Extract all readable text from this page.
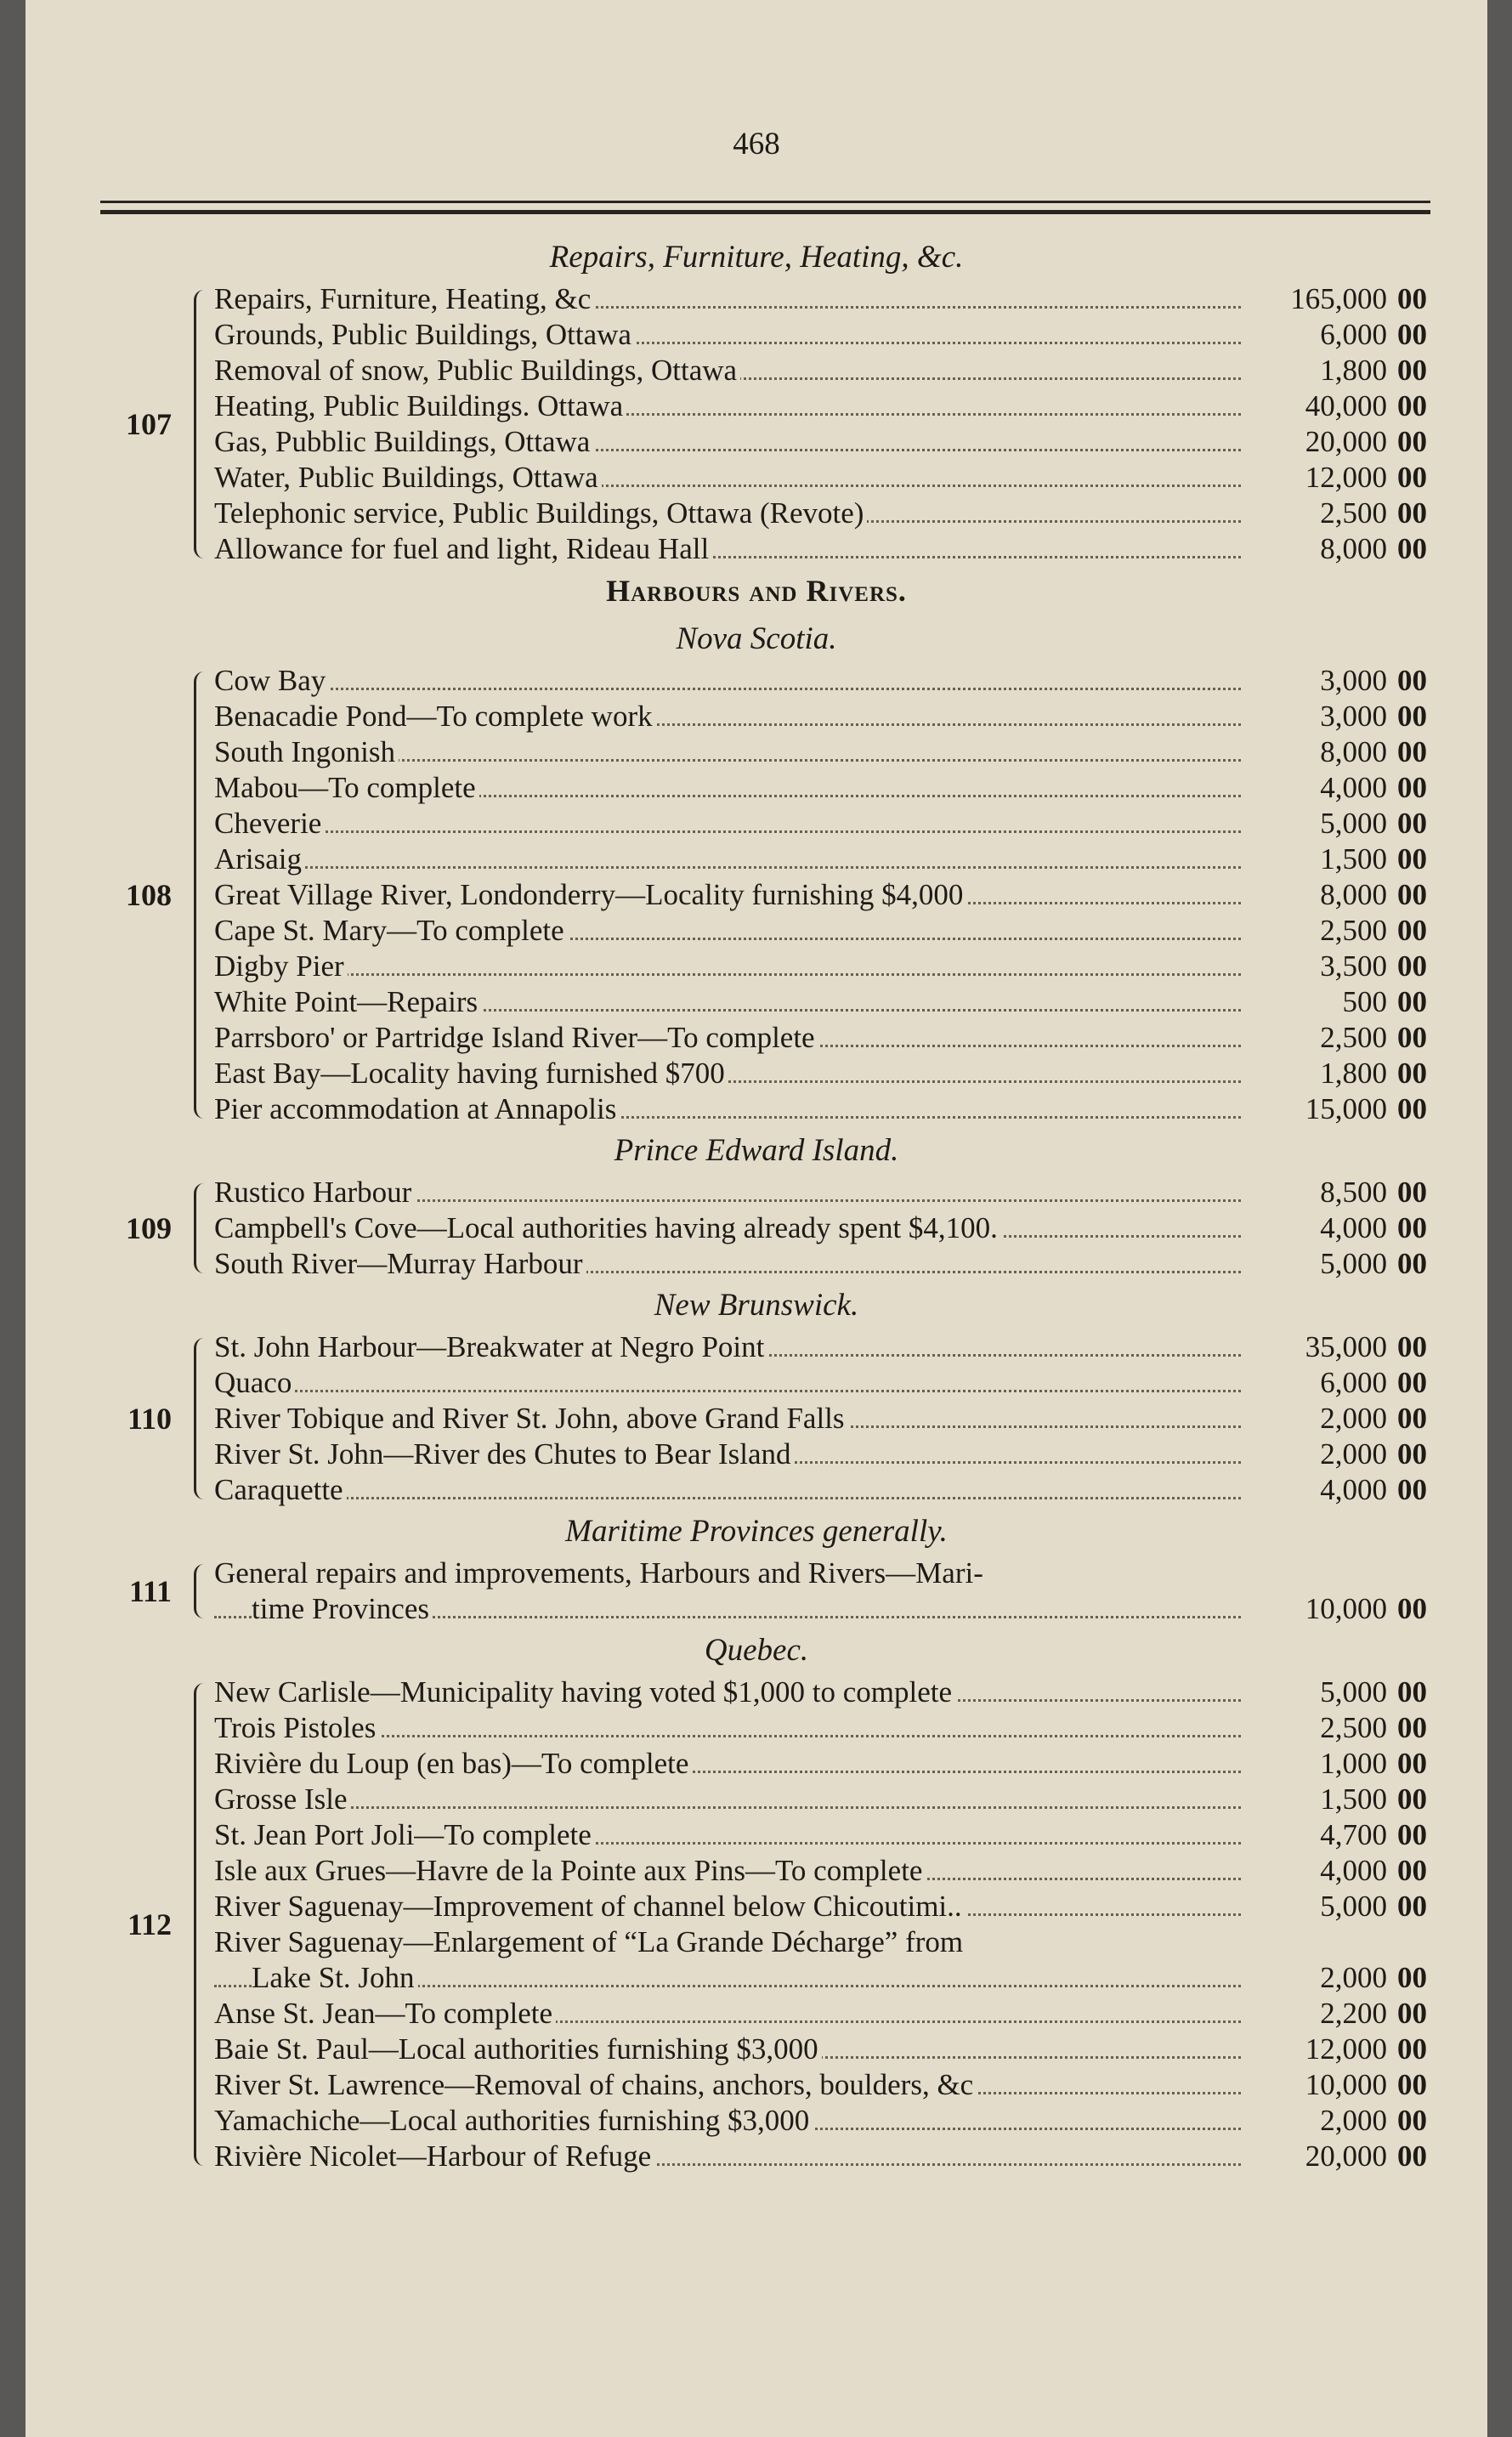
468
Repairs, Furniture, Heating, &c.
107
Repairs, Furniture, Heating, &c	165,000 00
Grounds, Public Buildings, Ottawa	6,000 00
Removal of snow, Public Buildings, Ottawa	1,800 00
Heating, Public Buildings. Ottawa	40,000 00
Gas, Pubblic Buildings, Ottawa	20,000 00
Water, Public Buildings, Ottawa	12,000 00
Telephonic service, Public Buildings, Ottawa (Revote)	2,500 00
Allowance for fuel and light, Rideau Hall	8,000 00
Harbours and Rivers.
Nova Scotia.
108
Cow Bay	3,000 00
Benacadie Pond—To complete work	3,000 00
South Ingonish	8,000 00
Mabou—To complete	4,000 00
Cheverie	5,000 00
Arisaig	1,500 00
Great Village River, Londonderry—Locality furnishing $4,000	8,000 00
Cape St. Mary—To complete	2,500 00
Digby Pier	3,500 00
White Point—Repairs	500 00
Parrsboro' or Partridge Island River—To complete	2,500 00
East Bay—Locality having furnished $700	1,800 00
Pier accommodation at Annapolis	15,000 00
Prince Edward Island.
109
Rustico Harbour	8,500 00
Campbell's Cove—Local authorities having already spent $4,100.	4,000 00
South River—Murray Harbour	5,000 00
New Brunswick.
110
St. John Harbour—Breakwater at Negro Point	35,000 00
Quaco	6,000 00
River Tobique and River St. John, above Grand Falls	2,000 00
River St. John—River des Chutes to Bear Island	2,000 00
Caraquette	4,000 00
Maritime Provinces generally.
111
General repairs and improvements, Harbours and Rivers—Mari-
time Provinces	10,000 00
Quebec.
112
New Carlisle—Municipality having voted $1,000 to complete	5,000 00
Trois Pistoles	2,500 00
Rivière du Loup (en bas)—To complete	1,000 00
Grosse Isle	1,500 00
St. Jean Port Joli—To complete	4,700 00
Isle aux Grues—Havre de la Pointe aux Pins—To complete	4,000 00
River Saguenay—Improvement of channel below Chicoutimi..	5,000 00
River Saguenay—Enlargement of “La Grande Décharge” from
Lake St. John	2,000 00
Anse St. Jean—To complete	2,200 00
Baie St. Paul—Local authorities furnishing $3,000	12,000 00
River St. Lawrence—Removal of chains, anchors, boulders, &c	10,000 00
Yamachiche—Local authorities furnishing $3,000	2,000 00
Rivière Nicolet—Harbour of Refuge	20,000 00
